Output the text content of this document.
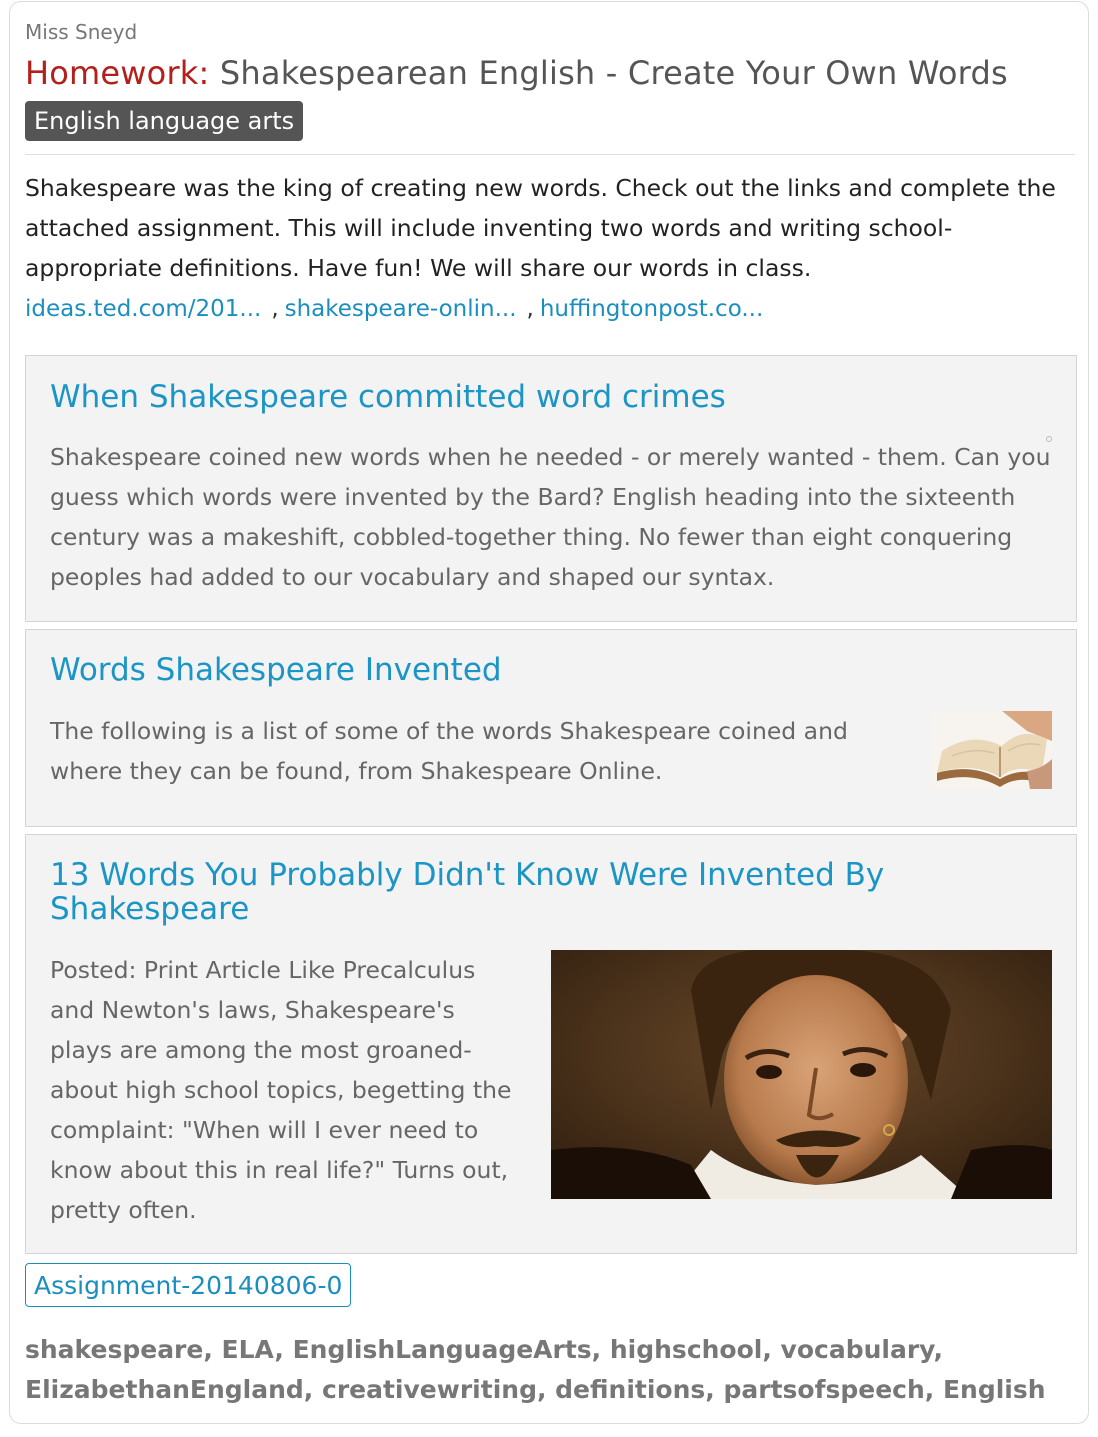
Miss Sneyd
Homework: Shakespearean English - Create Your Own Words
English language arts

Shakespeare was the king of creating new words. Check out the links and complete the attached assignment. This will include inventing two words and writing school-appropriate definitions. Have fun! We will share our words in class.

ideas.ted.com/201... , shakespeare-onlin... , huffingtonpost.co...
When Shakespeare committed word crimes

Shakespeare coined new words when he needed - or merely wanted - them. Can you guess which words were invented by the Bard? English heading into the sixteenth century was a makeshift, cobbled-together thing. No fewer than eight conquering peoples had added to our vocabulary and shaped our syntax.

Words Shakespeare Invented

The following is a list of some of the words Shakespeare coined and where they can be found, from Shakespeare Online.

13 Words You Probably Didn't Know Were Invented By Shakespeare

Posted: Print Article Like Precalculus and Newton's laws, Shakespeare's plays are among the most groaned-about high school topics, begetting the complaint: "When will I ever need to know about this in real life?" Turns out, pretty often.

Assignment-20140806-0

shakespeare, ELA, EnglishLanguageArts, highschool, vocabulary, ElizabethanEngland, creativewriting, definitions, partsofspeech, English
